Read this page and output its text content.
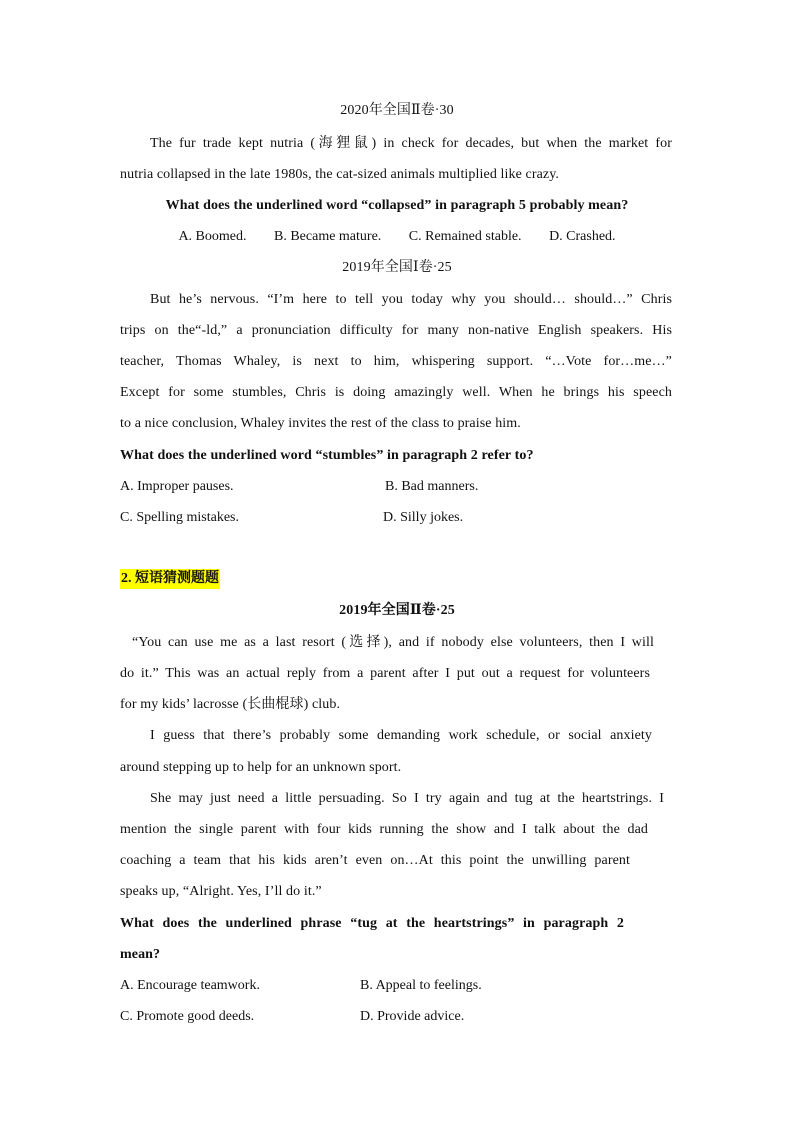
2020年全国Ⅱ卷·30
The fur trade kept nutria (海狸鼠) in check for decades, but when the market for
nutria collapsed in the late 1980s, the cat-sized animals multiplied like crazy.
What does the underlined word “collapsed” in paragraph 5 probably mean?
A. Boomed. B. Became mature. C. Remained stable. D. Crashed.
2019年全国Ⅰ卷·25
But he’s nervous. “I’m here to tell you today why you should… should…” Chris
trips on the“-ld,” a pronunciation difficulty for many non-native English speakers. His
teacher, Thomas Whaley, is next to him, whispering support. “…Vote for…me…”
Except for some stumbles, Chris is doing amazingly well. When he brings his speech
to a nice conclusion, Whaley invites the rest of the class to praise him.
What does the underlined word “stumbles” in paragraph 2 refer to?
A. Improper pauses.	B. Bad manners.
C. Spelling mistakes.	D. Silly jokes.
2. 短语猜测题题
2019年全国Ⅱ卷·25
“You can use me as a last resort (选择), and if nobody else volunteers, then I will
do it.” This was an actual reply from a parent after I put out a request for volunteers
for my kids’ lacrosse (长曲棍球) club.
I guess that there’s probably some demanding work schedule, or social anxiety
around stepping up to help for an unknown sport.
She may just need a little persuading. So I try again and tug at the heartstrings. I
mention the single parent with four kids running the show and I talk about the dad
coaching a team that his kids aren’t even on…At this point the unwilling parent
speaks up, “Alright. Yes, I’ll do it.”
What does the underlined phrase “tug at the heartstrings” in paragraph 2
mean?
A. Encourage teamwork.	B. Appeal to feelings.
C. Promote good deeds.	D. Provide advice.
